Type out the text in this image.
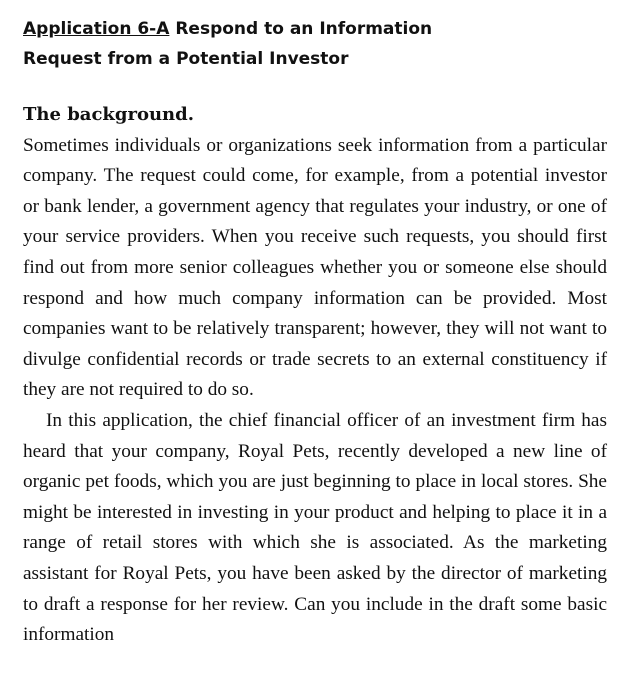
Application 6-A Respond to an Information
Request from a Potential Investor
The background.

Sometimes individuals or organizations seek information from a particular company. The request could come, for example, from a potential investor or bank lender, a government agency that regulates your industry, or one of your service providers. When you receive such requests, you should first find out from more senior colleagues whether you or someone else should respond and how much company information can be provided. Most companies want to be relatively transparent; however, they will not want to divulge confidential records or trade secrets to an external constituency if they are not required to do so.

In this application, the chief financial officer of an investment firm has heard that your company, Royal Pets, recently developed a new line of organic pet foods, which you are just beginning to place in local stores. She might be interested in investing in your product and helping to place it in a range of retail stores with which she is associated. As the marketing assistant for Royal Pets, you have been asked by the director of marketing to draft a response for her review. Can you include in the draft some basic information
